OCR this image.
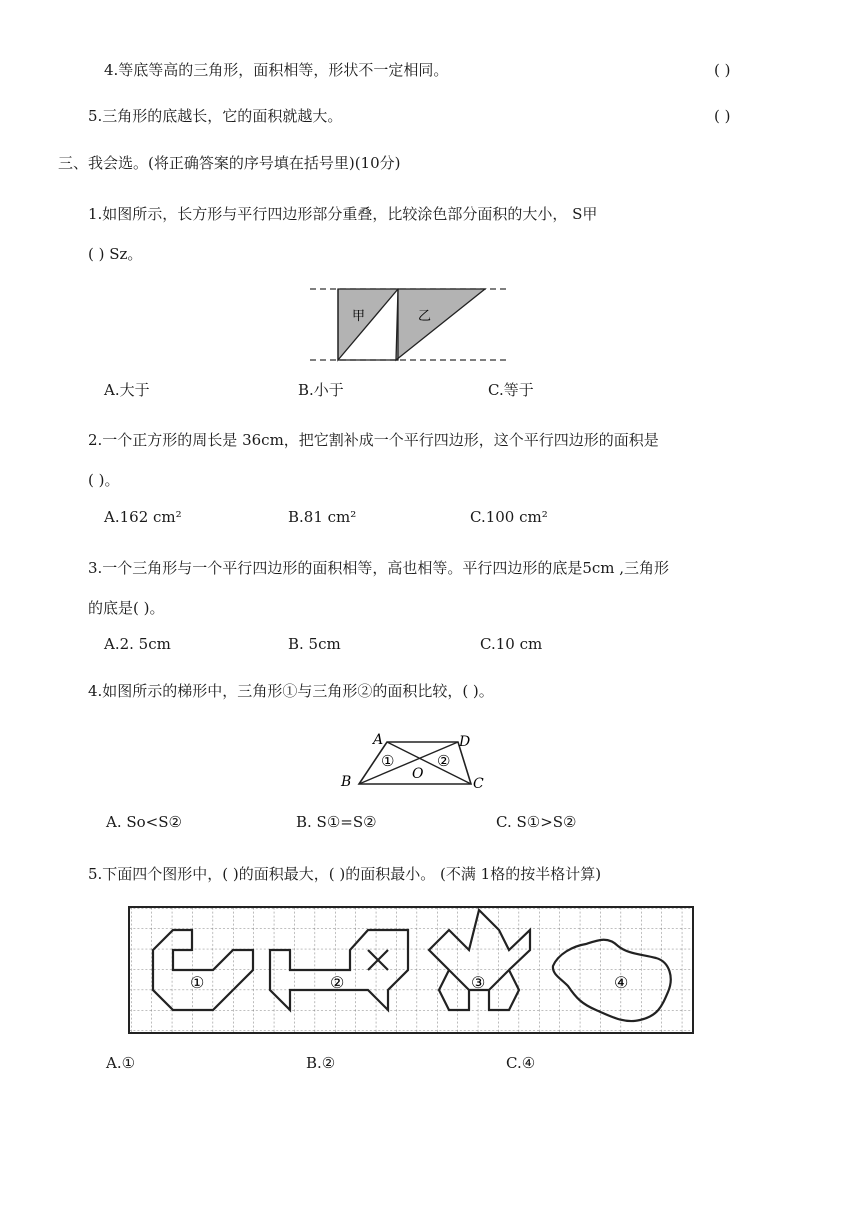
4.等底等高的三角形，面积相等，形状不一定相同。	( )
5.三角形的底越长，它的面积就越大。	( )
三、我会选。(将正确答案的序号填在括号里)(10分)
1.如图所示，长方形与平行四边形部分重叠，比较涂色部分面积的大小， S甲
( ) Sz。
甲	乙
A.大于	B.小于	C.等于
2.一个正方形的周长是 36cm，把它割补成一个平行四边形，这个平行四边形的面积是
( )。
A.162 cm²	B.81 cm²	C.100 cm²
3.一个三角形与一个平行四边形的面积相等，高也相等。平行四边形的底是5cm ,三角形
的底是( )。
A.2. 5cm	B. 5cm	C.10 cm
4.如图所示的梯形中，三角形①与三角形②的面积比较，( )。
A	D
B	C
O
①	②
A. So<S②	B. S①=S②	C. S①>S②
5.下面四个图形中，( )的面积最大，( )的面积最小。 (不满 1格的按半格计算)
①	②	③	④
A.①	B.②	C.④
